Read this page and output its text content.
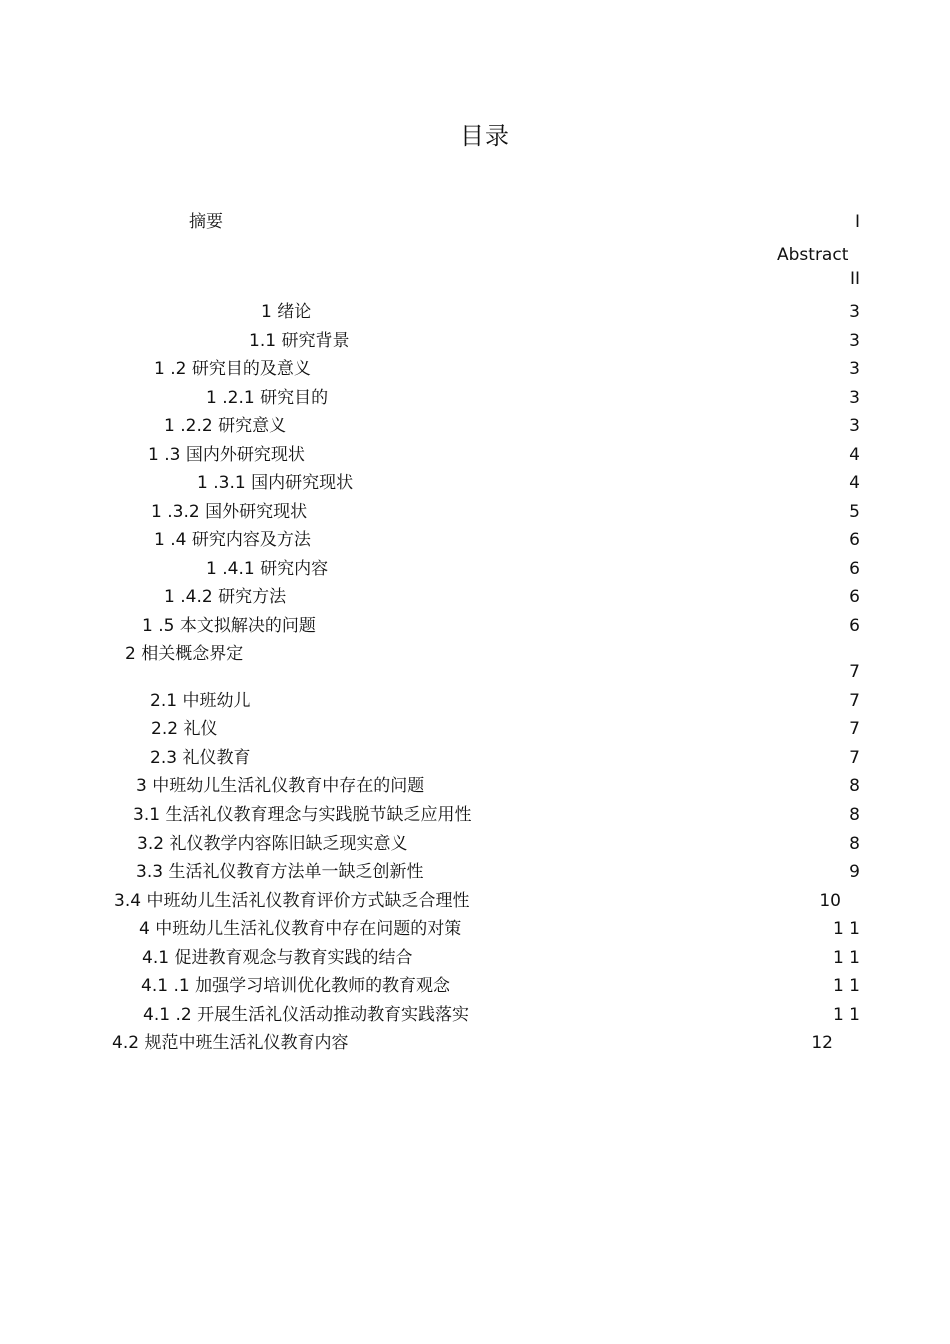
目录
摘要
Abstract
1 绪论
1.1 研究背景
1 .2 研究目的及意义
1 .2.1 研究目的
1 .2.2 研究意义
1 .3 国内外研究现状
1 .3.1 国内研究现状
1 .3.2 国外研究现状
1 .4 研究内容及方法
1 .4.1 研究内容
1 .4.2 研究方法
1 .5 本文拟解决的问题
2 相关概念界定
2.1 中班幼儿
2.2 礼仪
2.3 礼仪教育
3 中班幼儿生活礼仪教育中存在的问题
3.1 生活礼仪教育理念与实践脱节缺乏应用性
3.2 礼仪教学内容陈旧缺乏现实意义
3.3 生活礼仪教育方法单一缺乏创新性
3.4 中班幼儿生活礼仪教育评价方式缺乏合理性
4 中班幼儿生活礼仪教育中存在问题的对策
4.1 促进教育观念与教育实践的结合
4.1 .1 加强学习培训优化教师的教育观念
4.1 .2 开展生活礼仪活动推动教育实践落实
4.2 规范中班生活礼仪教育内容
I
II
3
3
3
3
3
4
4
5
6
6
6
6
7
7
7
7
8
8
8
9
10
1 1
1 1
1 1
1 1
12
